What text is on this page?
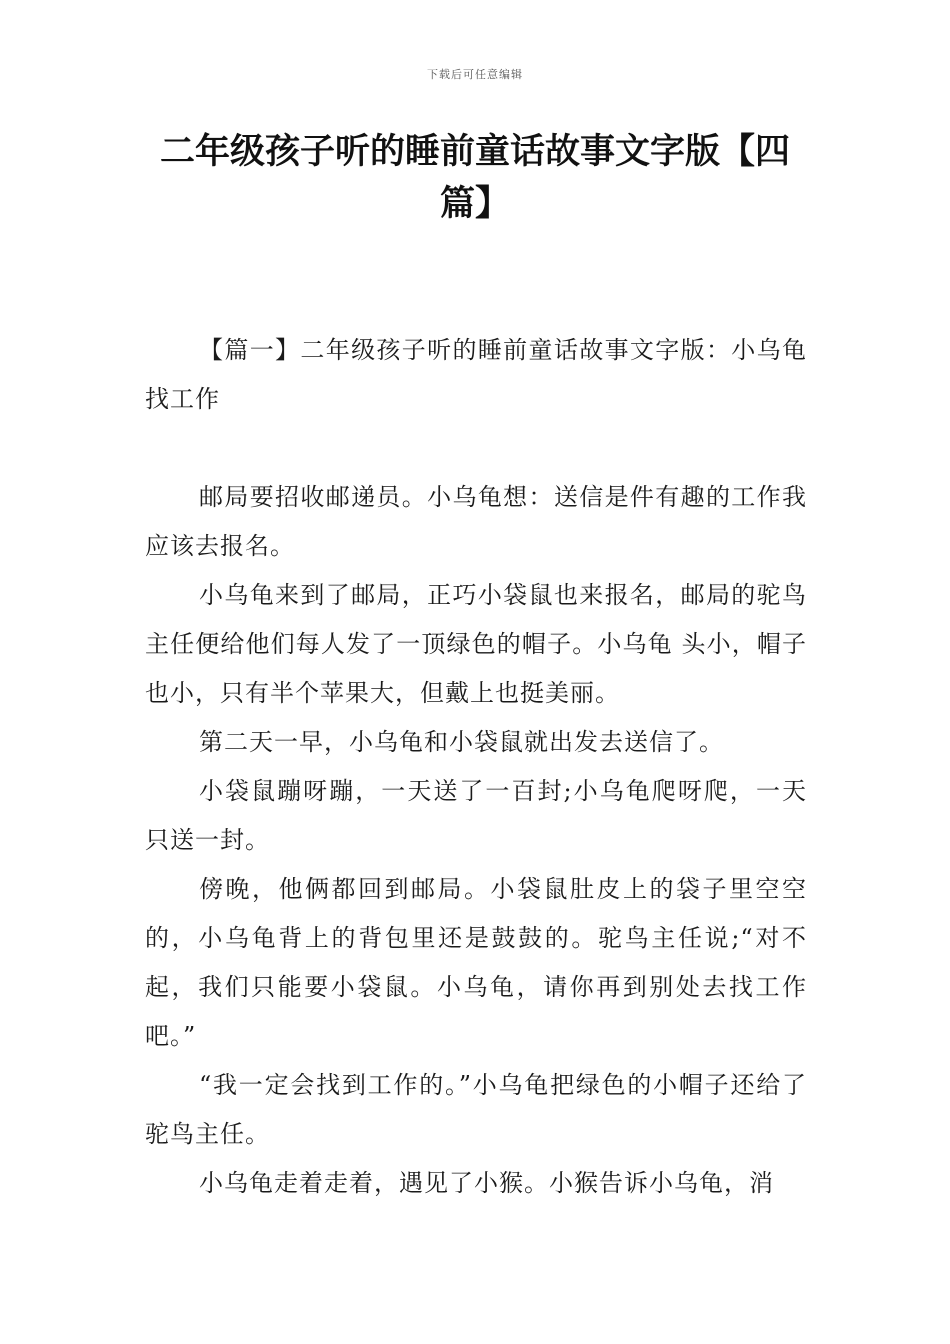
下载后可任意编辑
二年级孩子听的睡前童话故事文字版【四篇】

【篇一】二年级孩子听的睡前童话故事文字版：小乌龟找工作

邮局要招收邮递员。小乌龟想：送信是件有趣的工作我应该去报名。

小乌龟来到了邮局，正巧小袋鼠也来报名，邮局的驼鸟主任便给他们每人发了一顶绿色的帽子。小乌龟 头小，帽子也小，只有半个苹果大，但戴上也挺美丽。

第二天一早，小乌龟和小袋鼠就出发去送信了。

小袋鼠蹦呀蹦，一天送了一百封;小乌龟爬呀爬，一天只送一封。

傍晚，他俩都回到邮局。小袋鼠肚皮上的袋子里空空的，小乌龟背上的背包里还是鼓鼓的。驼鸟主任说;“对不起，我们只能要小袋鼠。小乌龟，请你再到别处去找工作吧。”

“我一定会找到工作的。”小乌龟把绿色的小帽子还给了驼鸟主任。

小乌龟走着走着，遇见了小猴。小猴告诉小乌龟，消
